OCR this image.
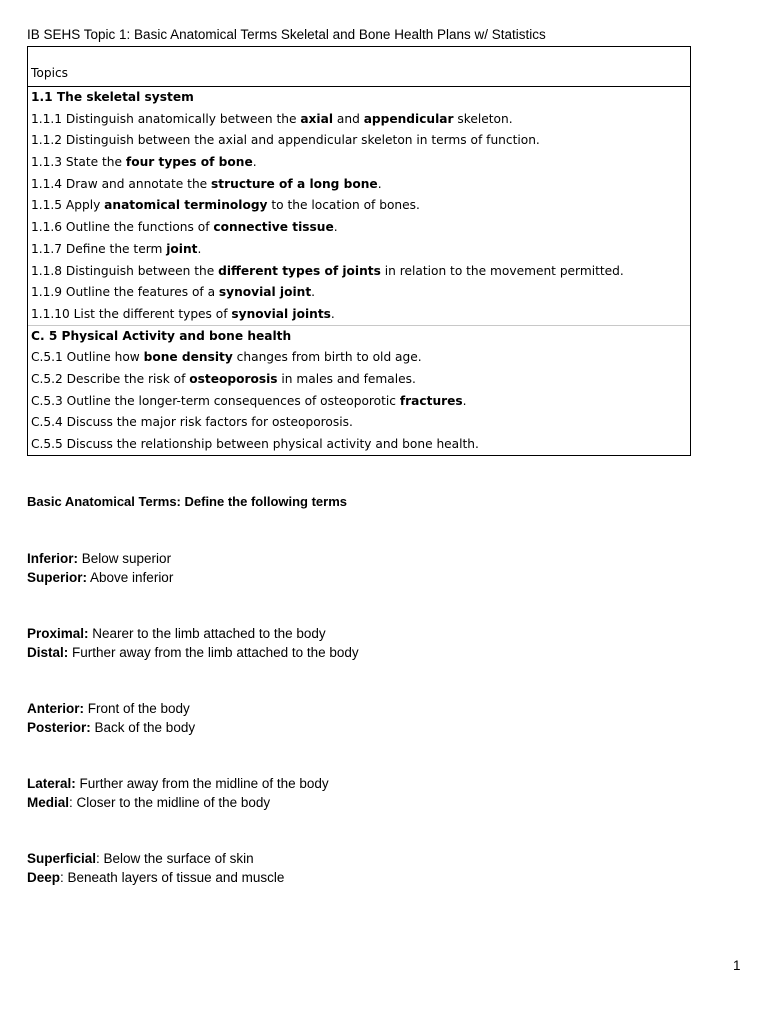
IB SEHS Topic 1: Basic Anatomical Terms Skeletal and Bone Health Plans w/ Statistics
Topics
1.1 The skeletal system
1.1.1 Distinguish anatomically between the axial and appendicular skeleton.
1.1.2 Distinguish between the axial and appendicular skeleton in terms of function.
1.1.3 State the four types of bone.
1.1.4 Draw and annotate the structure of a long bone.
1.1.5 Apply anatomical terminology to the location of bones.
1.1.6 Outline the functions of connective tissue.
1.1.7 Define the term joint.
1.1.8 Distinguish between the different types of joints in relation to the movement permitted.
1.1.9 Outline the features of a synovial joint.
1.1.10 List the different types of synovial joints.
C. 5 Physical Activity and bone health
C.5.1 Outline how bone density changes from birth to old age.
C.5.2 Describe the risk of osteoporosis in males and females.
C.5.3 Outline the longer-term consequences of osteoporotic fractures.
C.5.4 Discuss the major risk factors for osteoporosis.
C.5.5 Discuss the relationship between physical activity and bone health.
Basic Anatomical Terms: Define the following terms
Inferior: Below superior
Superior: Above inferior
Proximal: Nearer to the limb attached to the body
Distal: Further away from the limb attached to the body
Anterior: Front of the body
Posterior: Back of the body
Lateral: Further away from the midline of the body
Medial: Closer to the midline of the body
Superficial: Below the surface of skin
Deep: Beneath layers of tissue and muscle
1
